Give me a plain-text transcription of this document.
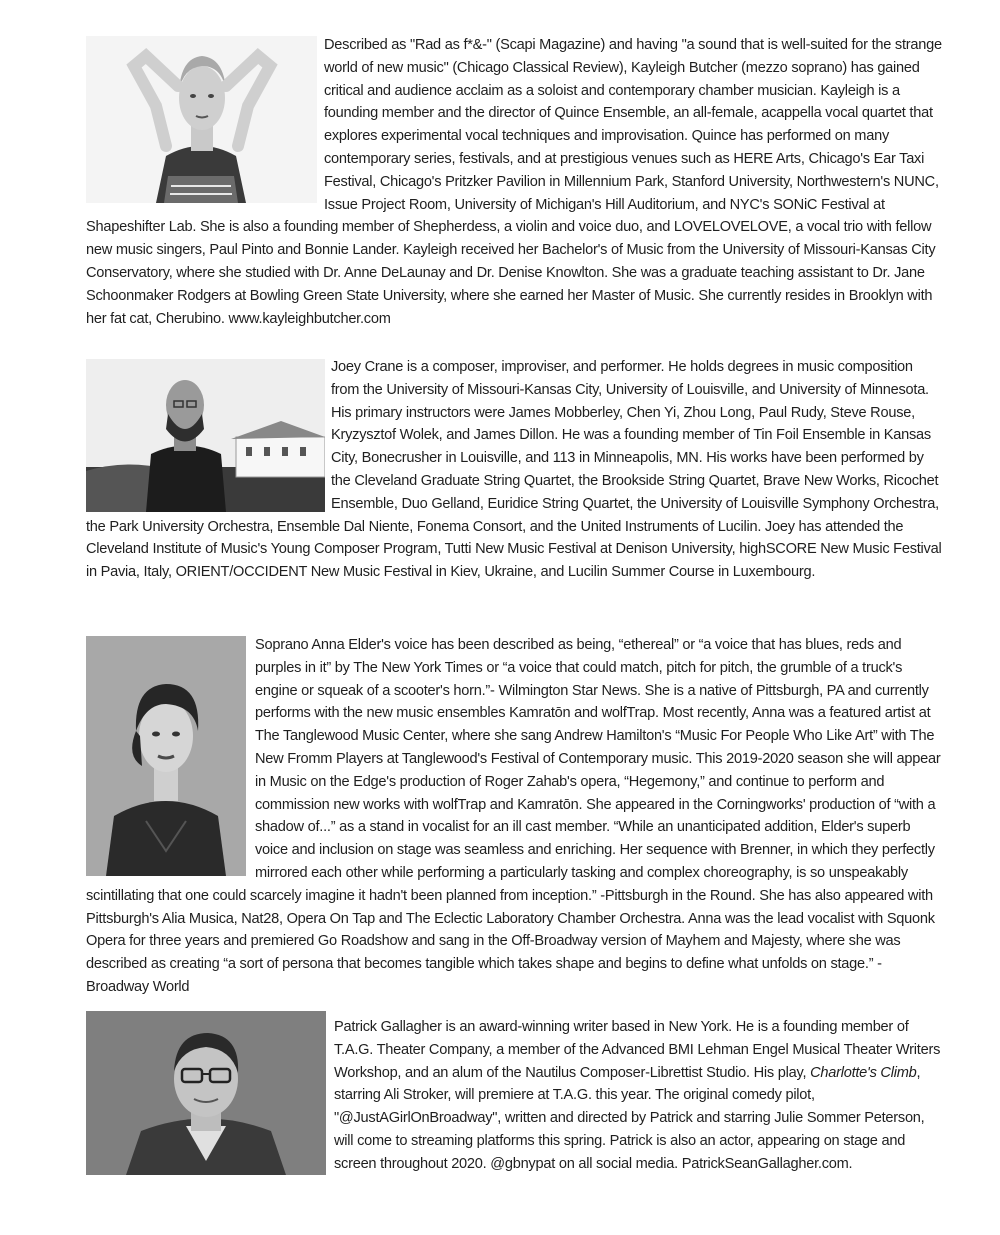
Described as "Rad as f*&-" (Scapi Magazine) and having "a sound that is well-suited for the strange world of new music" (Chicago Classical Review), Kayleigh Butcher (mezzo soprano) has gained critical and audience acclaim as a soloist and contemporary chamber musician. Kayleigh is a founding member and the director of Quince Ensemble, an all-female, acappella vocal quartet that explores experimental vocal techniques and improvisation. Quince has performed on many contemporary series, festivals, and at prestigious venues such as HERE Arts, Chicago's Ear Taxi Festival, Chicago's Pritzker Pavilion in Millennium Park, Stanford University, Northwestern's NUNC, Issue Project Room, University of Michigan's Hill Auditorium, and NYC's SONiC Festival at Shapeshifter Lab. She is also a founding member of Shepherdess, a violin and voice duo, and LOVELOVELOVE, a vocal trio with fellow new music singers, Paul Pinto and Bonnie Lander. Kayleigh received her Bachelor's of Music from the University of Missouri-Kansas City Conservatory, where she studied with Dr. Anne DeLaunay and Dr. Denise Knowlton. She was a graduate teaching assistant to Dr. Jane Schoonmaker Rodgers at Bowling Green State University, where she earned her Master of Music. She currently resides in Brooklyn with her fat cat, Cherubino. www.kayleighbutcher.com

Joey Crane is a composer, improviser, and performer. He holds degrees in music composition from the University of Missouri-Kansas City, University of Louisville, and University of Minnesota. His primary instructors were James Mobberley, Chen Yi, Zhou Long, Paul Rudy, Steve Rouse, Kryzysztof Wolek, and James Dillon. He was a founding member of Tin Foil Ensemble in Kansas City, Bonecrusher in Louisville, and 113 in Minneapolis, MN. His works have been performed by the Cleveland Graduate String Quartet, the Brookside String Quartet, Brave New Works, Ricochet Ensemble, Duo Gelland, Euridice String Quartet, the University of Louisville Symphony Orchestra, the Park University Orchestra, Ensemble Dal Niente, Fonema Consort, and the United Instruments of Lucilin. Joey has attended the Cleveland Institute of Music's Young Composer Program, Tutti New Music Festival at Denison University, highSCORE New Music Festival in Pavia, Italy, ORIENT/OCCIDENT New Music Festival in Kiev, Ukraine, and Lucilin Summer Course in Luxembourg.

Soprano Anna Elder's voice has been described as being, “ethereal” or “a voice that has blues, reds and purples in it” by The New York Times or “a voice that could match, pitch for pitch, the grumble of a truck's engine or squeak of a scooter's horn.”- Wilmington Star News. She is a native of Pittsburgh, PA and currently performs with the new music ensembles Kamratōn and wolfTrap. Most recently, Anna was a featured artist at The Tanglewood Music Center, where she sang Andrew Hamilton's “Music For People Who Like Art” with The New Fromm Players at Tanglewood's Festival of Contemporary music. This 2019-2020 season she will appear in Music on the Edge's production of Roger Zahab's opera, “Hegemony,” and continue to perform and commission new works with wolfTrap and Kamratōn. She appeared in the Corningworks' production of “with a shadow of...” as a stand in vocalist for an ill cast member. “While an unanticipated addition, Elder's superb voice and inclusion on stage was seamless and enriching. Her sequence with Brenner, in which they perfectly mirrored each other while performing a particularly tasking and complex choreography, is so unspeakably scintillating that one could scarcely imagine it hadn't been planned from inception.” -Pittsburgh in the Round. She has also appeared with Pittsburgh's Alia Musica, Nat28, Opera On Tap and The Eclectic Laboratory Chamber Orchestra. Anna was the lead vocalist with Squonk Opera for three years and premiered Go Roadshow and sang in the Off-Broadway version of Mayhem and Majesty, where she was described as creating “a sort of persona that becomes tangible which takes shape and begins to define what unfolds on stage.” -Broadway World

Patrick Gallagher is an award-winning writer based in New York. He is a founding member of T.A.G. Theater Company, a member of the Advanced BMI Lehman Engel Musical Theater Writers Workshop, and an alum of the Nautilus Composer-Librettist Studio. His play, Charlotte's Climb, starring Ali Stroker, will premiere at T.A.G. this year. The original comedy pilot, "@JustAGirlOnBroadway", written and directed by Patrick and starring Julie Sommer Peterson, will come to streaming platforms this spring. Patrick is also an actor, appearing on stage and screen throughout 2020. @gbnypat on all social media. PatrickSeanGallagher.com.
